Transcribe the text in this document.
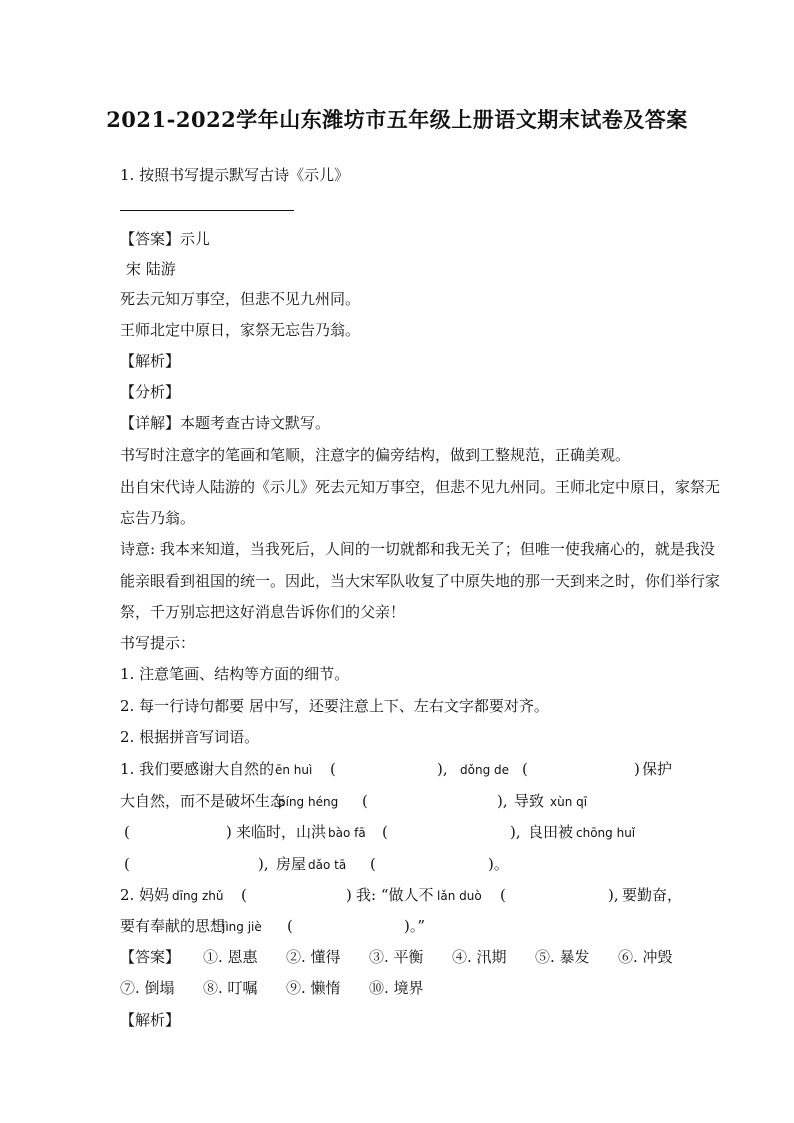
2021-2022学年山东潍坊市五年级上册语文期末试卷及答案
1. 按照书写提示默写古诗《示儿》
【答案】示儿
宋 陆游
死去元知万事空，但悲不见九州同。
王师北定中原日，家祭无忘告乃翁。
【解析】
【分析】
【详解】本题考查古诗文默写。
书写时注意字的笔画和笔顺，注意字的偏旁结构，做到工整规范，正确美观。
出自宋代诗人陆游的《示儿》死去元知万事空，但悲不见九州同。王师北定中原日，家祭无
忘告乃翁。
诗意: 我本来知道，当我死后，人间的一切就都和我无关了；但唯一使我痛心的，就是我没
能亲眼看到祖国的统一。因此，当大宋军队收复了中原失地的那一天到来之时，你们举行家
祭，千万别忘把这好消息告诉你们的父亲！
书写提示：
1. 注意笔画、结构等方面的细节。
2. 每一行诗句都要 居中写，还要注意上下、左右文字都要对齐。
2. 根据拼音写词语。
1. 我们要感谢大自然的 ēn huì (	), dǒng de (	) 保护
大自然，而不是破坏生态
píng héng (	), 导致 xùn qī
(	) 来临时，山洪 bào fā (	), 良田被 chōng huǐ
(	), 房屋 dǎo tā (	)。
2. 妈妈 dīng zhǔ (	) 我: “做人不 lǎn duò (	), 要勤奋，
要有奉献的思想
jìng jiè (	)。”
【答案】 ①. 恩惠 ②. 懂得 ③. 平衡 ④. 汛期 ⑤. 暴发 ⑥. 冲毁
⑦. 倒塌 ⑧. 叮嘱 ⑨. 懒惰 ⑩. 境界
【解析】
